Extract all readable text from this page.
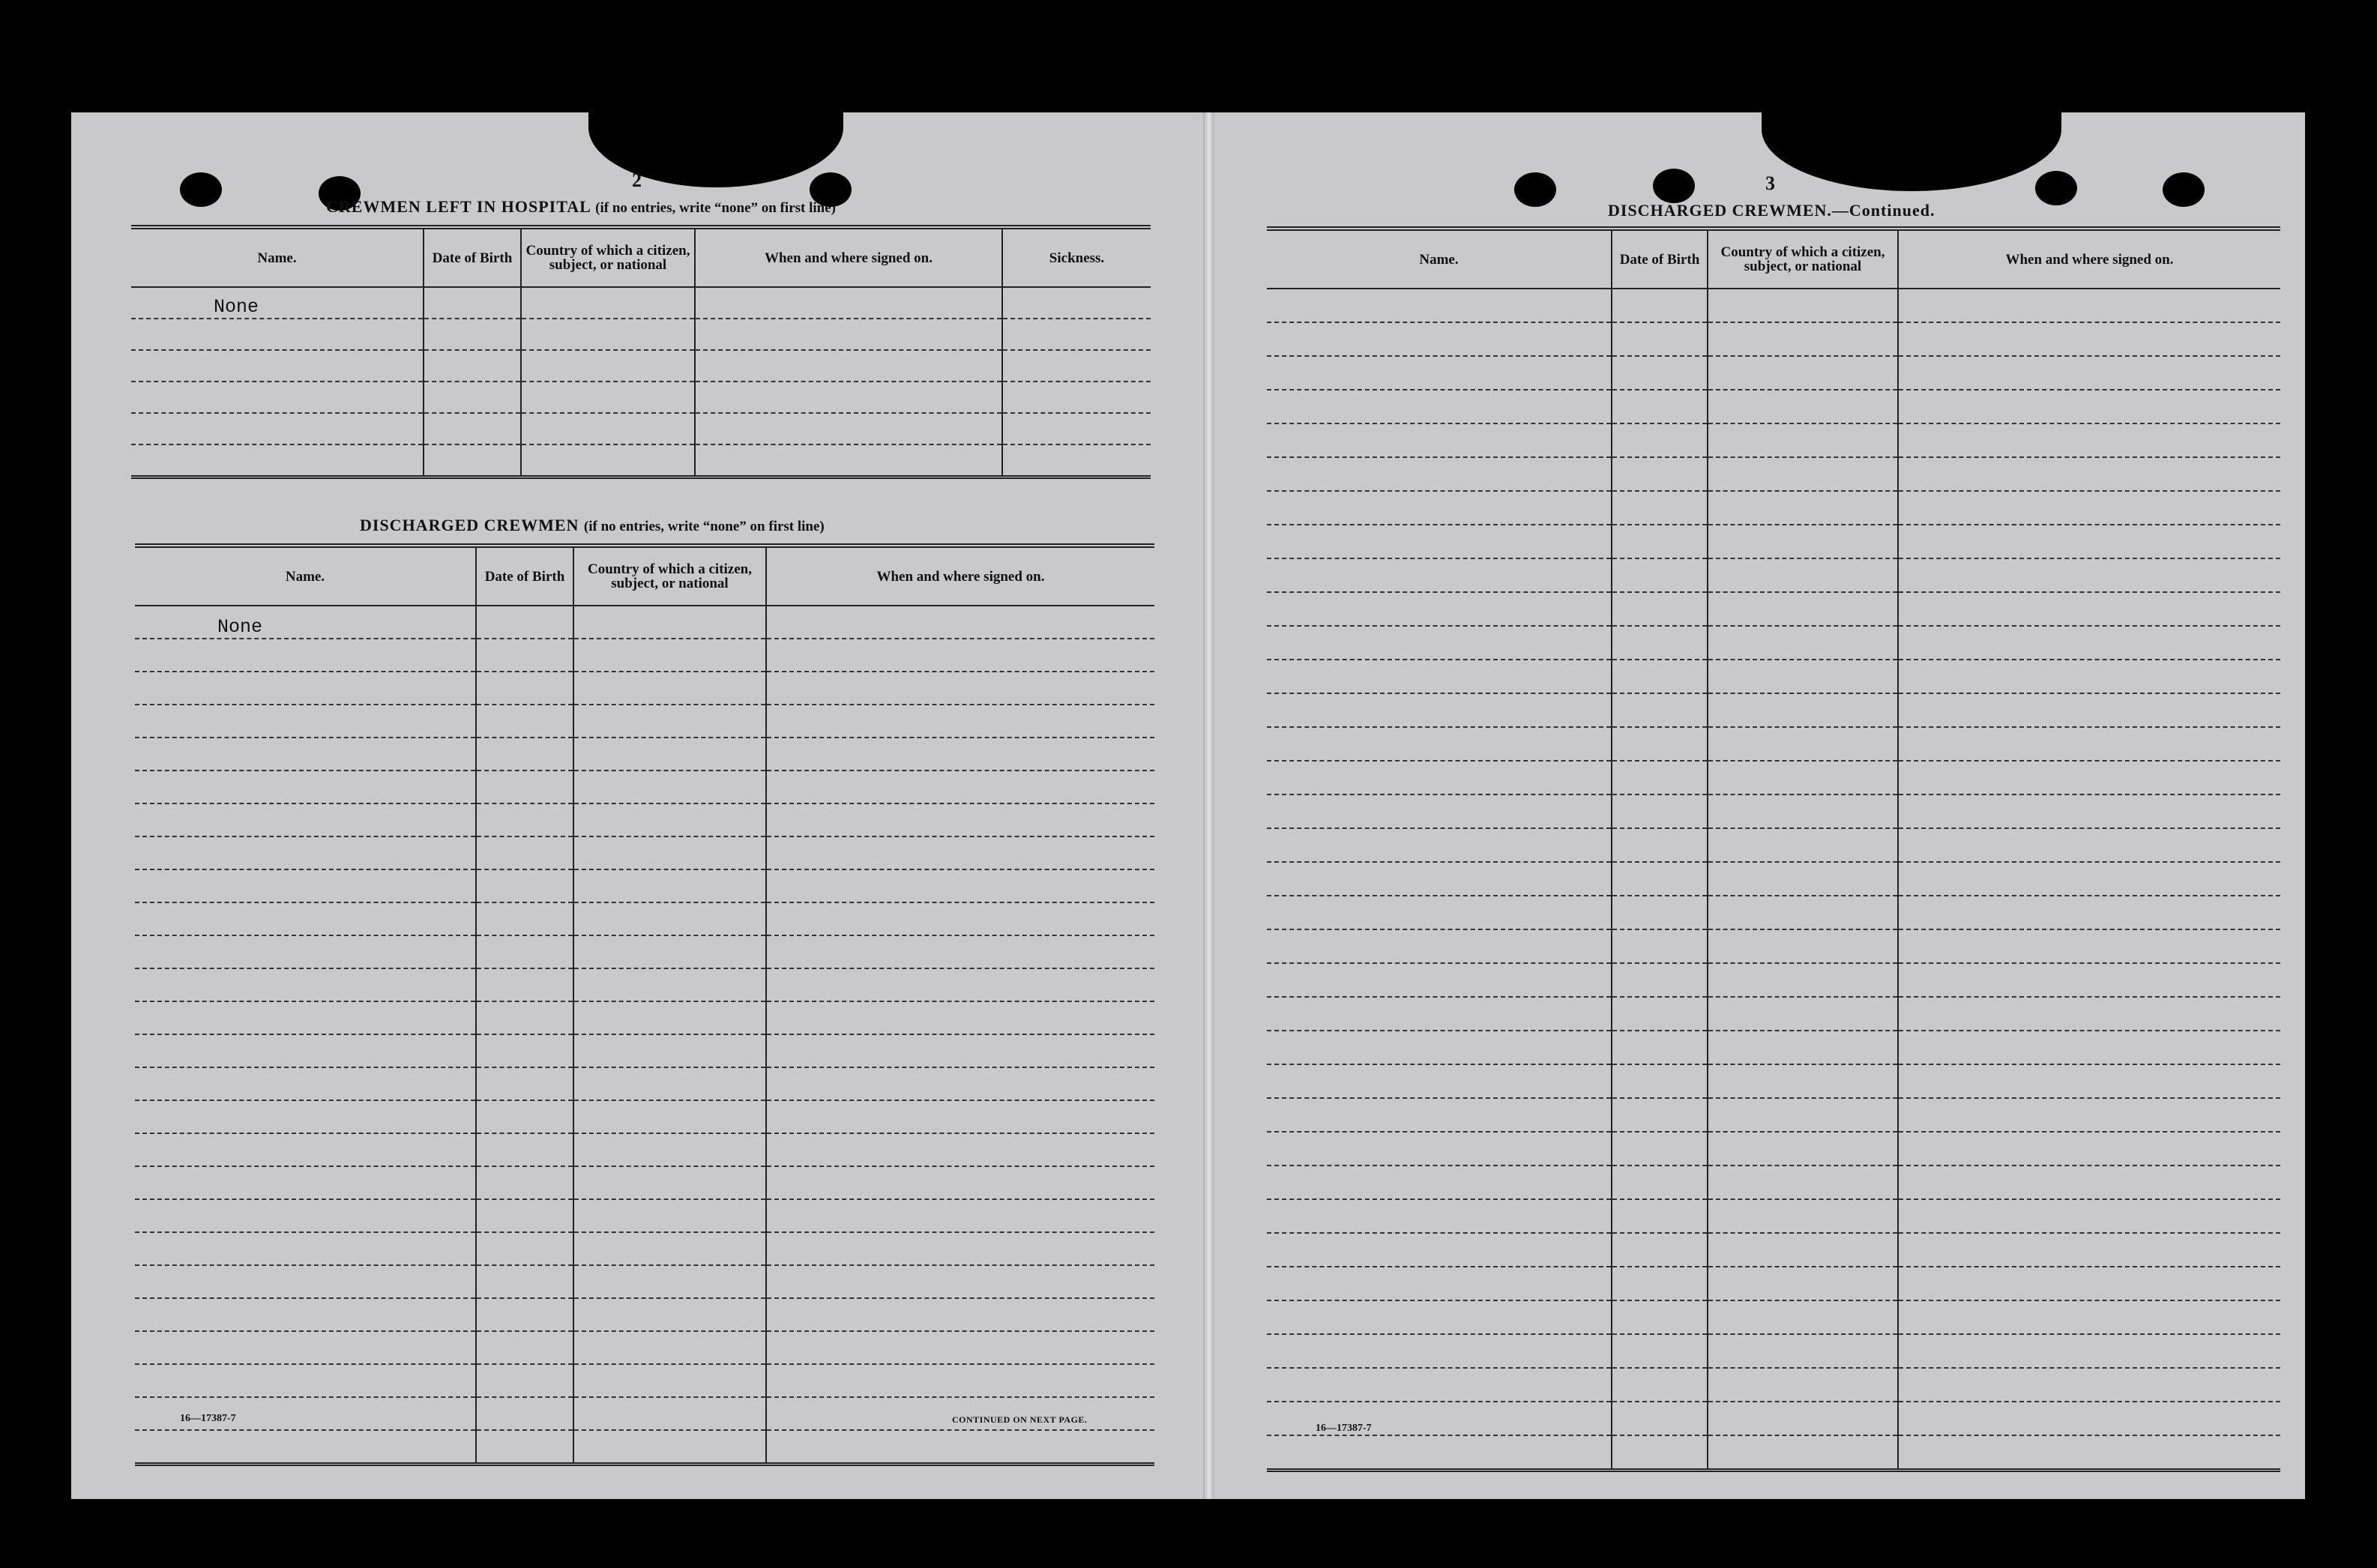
2
CREWMEN LEFT IN HOSPITAL (if no entries, write “none” on first line)
Name.	Date of Birth	Country of which a citizen, subject, or national	When and where signed on.	Sickness.
None				

DISCHARGED CREWMEN (if no entries, write “none” on first line)
Name.	Date of Birth	Country of which a citizen, subject, or national	When and where signed on.
None			

16—17387-7	CONTINUED ON NEXT PAGE.
3
DISCHARGED CREWMEN.—Continued.
Name.	Date of Birth	Country of which a citizen, subject, or national	When and where signed on.

16—17387-7
